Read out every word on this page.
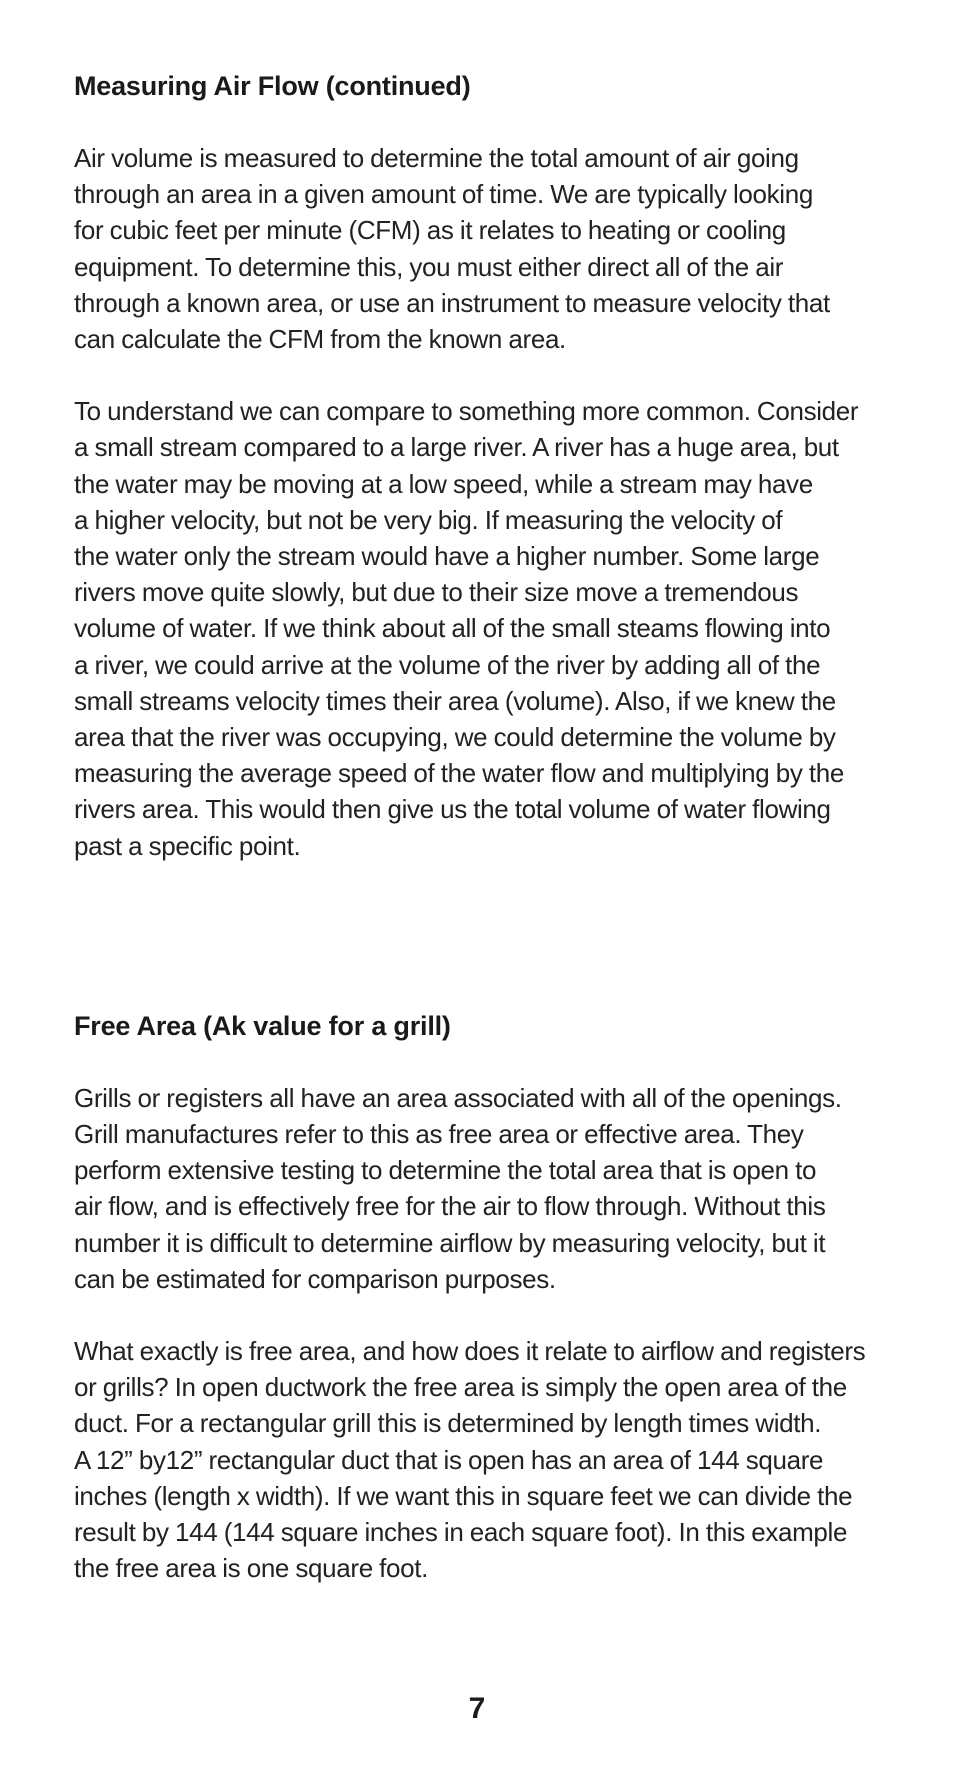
Measuring Air Flow (continued)

Air volume is measured to determine the total amount of air going
through an area in a given amount of time. We are typically looking
for cubic feet per minute (CFM) as it relates to heating or cooling
equipment. To determine this, you must either direct all of the air
through a known area, or use an instrument to measure velocity that
can calculate the CFM from the known area.

To understand we can compare to something more common. Consider
a small stream compared to a large river. A river has a huge area, but
the water may be moving at a low speed, while a stream may have
a higher velocity, but not be very big. If measuring the velocity of
the water only the stream would have a higher number. Some large
rivers move quite slowly, but due to their size move a tremendous
volume of water. If we think about all of the small steams flowing into
a river, we could arrive at the volume of the river by adding all of the
small streams velocity times their area (volume). Also, if we knew the
area that the river was occupying, we could determine the volume by
measuring the average speed of the water flow and multiplying by the
rivers area. This would then give us the total volume of water flowing
past a specific point.

Free Area (Ak value for a grill)

Grills or registers all have an area associated with all of the openings.
Grill manufactures refer to this as free area or effective area. They
perform extensive testing to determine the total area that is open to
air flow, and is effectively free for the air to flow through. Without this
number it is difficult to determine airflow by measuring velocity, but it
can be estimated for comparison purposes.

What exactly is free area, and how does it relate to airflow and registers
or grills? In open ductwork the free area is simply the open area of the
duct. For a rectangular grill this is determined by length times width.
A 12” by12” rectangular duct that is open has an area of 144 square
inches (length x width). If we want this in square feet we can divide the
result by 144 (144 square inches in each square foot). In this example
the free area is one square foot.

7
